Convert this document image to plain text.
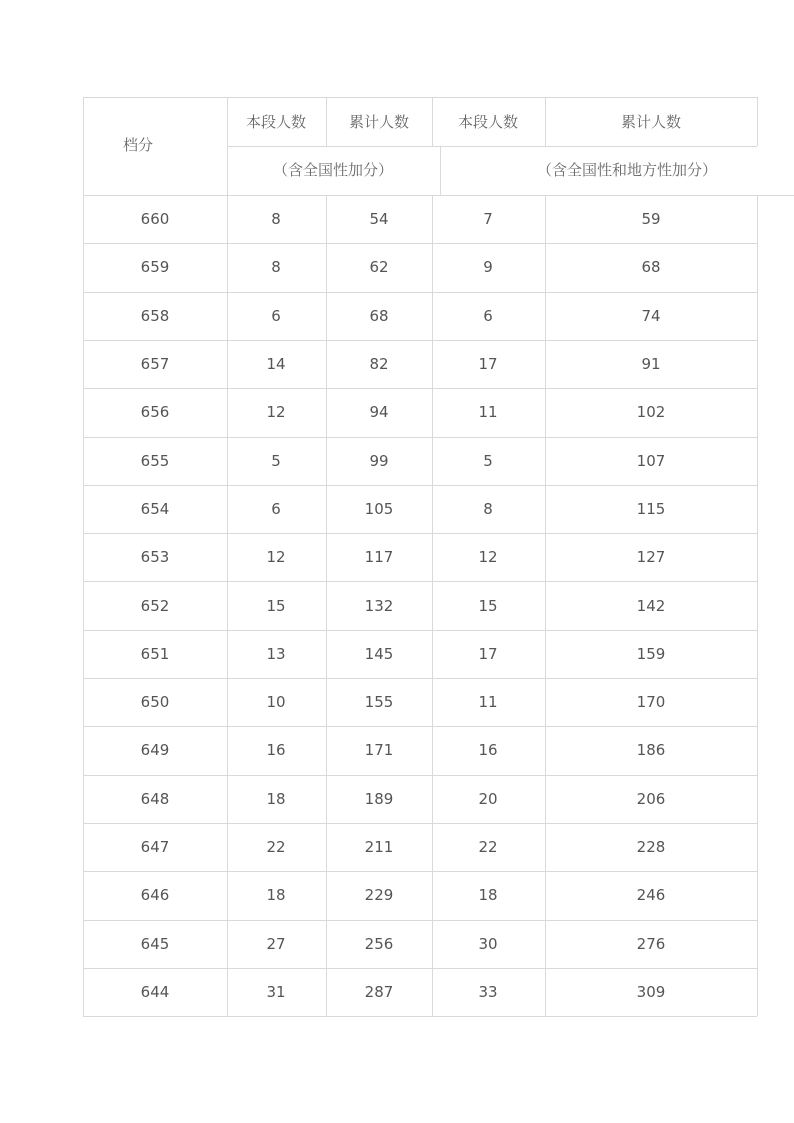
档分
本段人数	累计人数	本段人数	累计人数
（含全国性加分）	（含全国性和地方性加分）
660	8	54	7	59
659	8	62	9	68
658	6	68	6	74
657	14	82	17	91
656	12	94	11	102
655	5	99	5	107
654	6	105	8	115
653	12	117	12	127
652	15	132	15	142
651	13	145	17	159
650	10	155	11	170
649	16	171	16	186
648	18	189	20	206
647	22	211	22	228
646	18	229	18	246
645	27	256	30	276
644	31	287	33	309
